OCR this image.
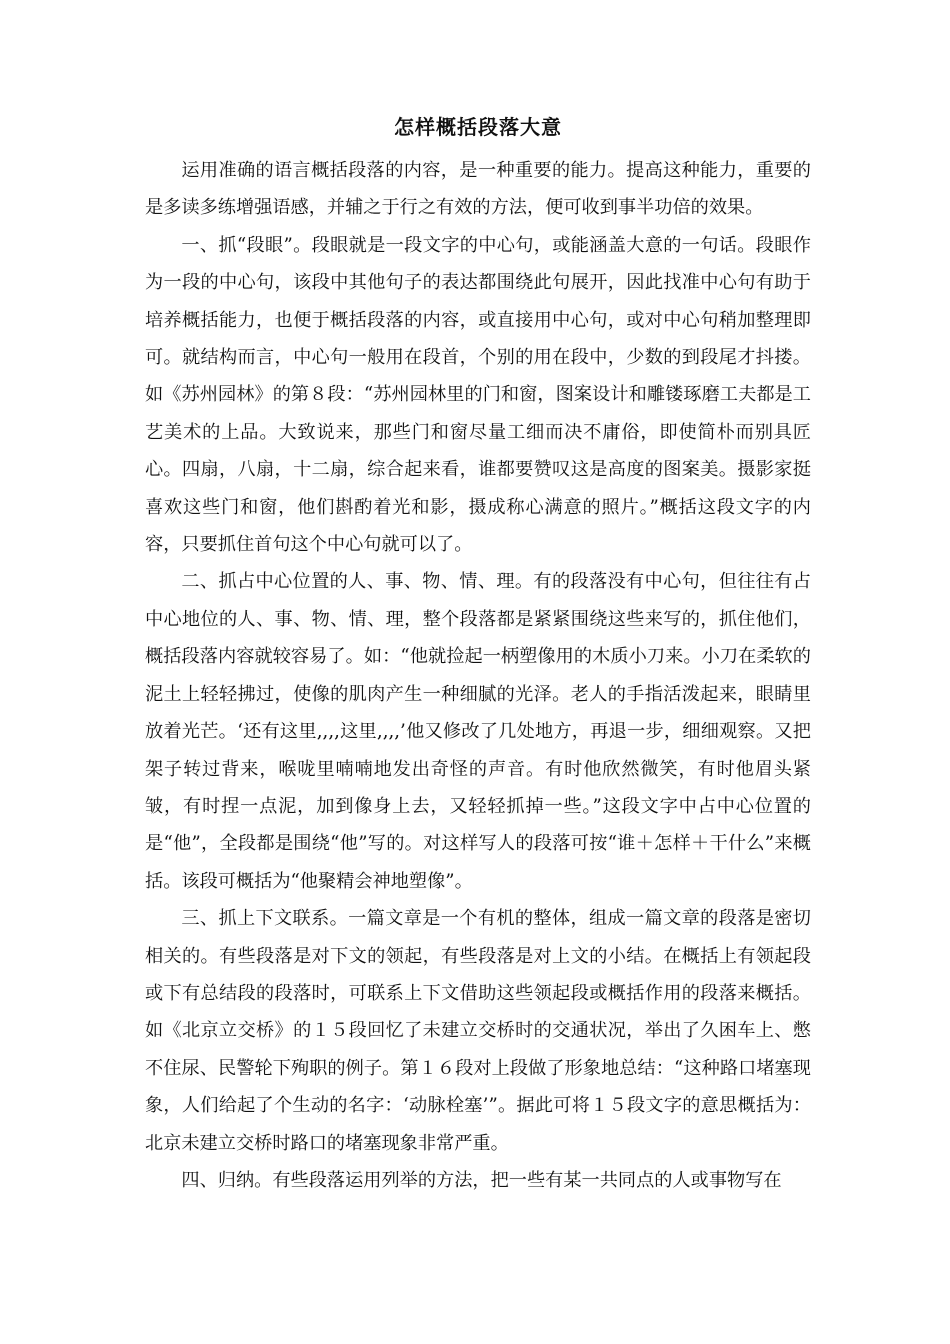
怎样概括段落大意

运用准确的语言概括段落的内容，是一种重要的能力。提高这种能力，重要的是多读多练增强语感，并辅之于行之有效的方法，便可收到事半功倍的效果。

一、抓“段眼”。段眼就是一段文字的中心句，或能涵盖大意的一句话。段眼作为一段的中心句，该段中其他句子的表达都围绕此句展开，因此找准中心句有助于培养概括能力，也便于概括段落的内容，或直接用中心句，或对中心句稍加整理即可。就结构而言，中心句一般用在段首，个别的用在段中，少数的到段尾才抖搂。如《苏州园林》的第８段：“苏州园林里的门和窗，图案设计和雕镂琢磨工夫都是工艺美术的上品。大致说来，那些门和窗尽量工细而决不庸俗，即使简朴而别具匠心。四扇，八扇，十二扇，综合起来看，谁都要赞叹这是高度的图案美。摄影家挺喜欢这些门和窗，他们斟酌着光和影，摄成称心满意的照片。”概括这段文字的内容，只要抓住首句这个中心句就可以了。

二、抓占中心位置的人、事、物、情、理。有的段落没有中心句，但往往有占中心地位的人、事、物、情、理，整个段落都是紧紧围绕这些来写的，抓住他们，概括段落内容就较容易了。如：“他就捡起一柄塑像用的木质小刀来。小刀在柔软的泥土上轻轻拂过，使像的肌肉产生一种细腻的光泽。老人的手指活泼起来，眼睛里放着光芒。‘还有这里,,,,这里,,,,’他又修改了几处地方，再退一步，细细观察。又把架子转过背来，喉咙里喃喃地发出奇怪的声音。有时他欣然微笑，有时他眉头紧皱，有时捏一点泥，加到像身上去，又轻轻抓掉一些。”这段文字中占中心位置的是“他”，全段都是围绕“他”写的。对这样写人的段落可按“谁＋怎样＋干什么”来概括。该段可概括为“他聚精会神地塑像”。

三、抓上下文联系。一篇文章是一个有机的整体，组成一篇文章的段落是密切相关的。有些段落是对下文的领起，有些段落是对上文的小结。在概括上有领起段或下有总结段的段落时，可联系上下文借助这些领起段或概括作用的段落来概括。如《北京立交桥》的１５段回忆了未建立交桥时的交通状况，举出了久困车上、憋不住尿、民警轮下殉职的例子。第１６段对上段做了形象地总结：“这种路口堵塞现象，人们给起了个生动的名字：‘动脉栓塞’”。据此可将１５段文字的意思概括为：北京未建立交桥时路口的堵塞现象非常严重。

四、归纳。有些段落运用列举的方法，把一些有某一共同点的人或事物写在
